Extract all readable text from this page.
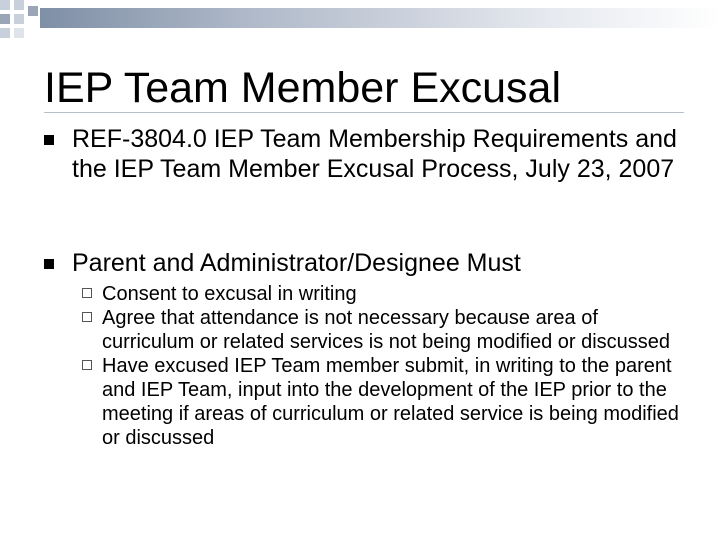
IEP Team Member Excusal
REF-3804.0 IEP Team Membership Requirements and the IEP Team Member Excusal Process, July 23, 2007
Parent and Administrator/Designee Must
Consent to excusal in writing
Agree that attendance is not necessary because area of curriculum or related services is not being modified or discussed
Have excused IEP Team member submit, in writing to the parent and IEP Team, input into the development of the IEP prior to the meeting if areas of curriculum or related service is being modified or discussed
